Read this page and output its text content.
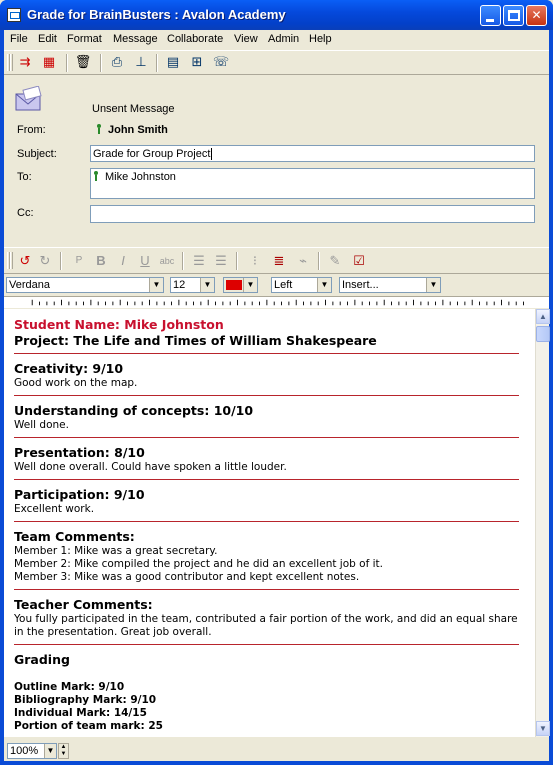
Grade for BrainBusters : Avalon Academy	✕
File Edit Format Message Collaborate View Admin Help
⇉ ▦ 🗑 ⎙ ⊥ ▤ ⊞ ☏
Unsent Message
From:	John Smith
Subject:	Grade for Group Project
To:	Mike Johnston
Cc:
↺ ↻	P	B	I	U	abc ☰ ☰	⁝	≣	⌁	✎ ☑
Verdana	▼ 12	▼	▼ Left	▼ Insert...	▼
Student Name: Mike Johnston
Project: The Life and Times of William Shakespeare
Creativity: 9/10
Good work on the map.
Understanding of concepts: 10/10
Well done.
Presentation: 8/10
Well done overall. Could have spoken a little louder.
Participation: 9/10
Excellent work.
Team Comments:
Member 1: Mike was a great secretary.
Member 2: Mike compiled the project and he did an excellent job of it.
Member 3: Mike was a good contributor and kept excellent notes.
Teacher Comments:
You fully participated in the team, contributed a fair portion of the work, and did an equal share in the presentation. Great job overall.
Grading
Outline Mark: 9/10
Bibliography Mark: 9/10
Individual Mark: 14/15
Portion of team mark: 25
▲
▼
100%	▼	▲
▼
